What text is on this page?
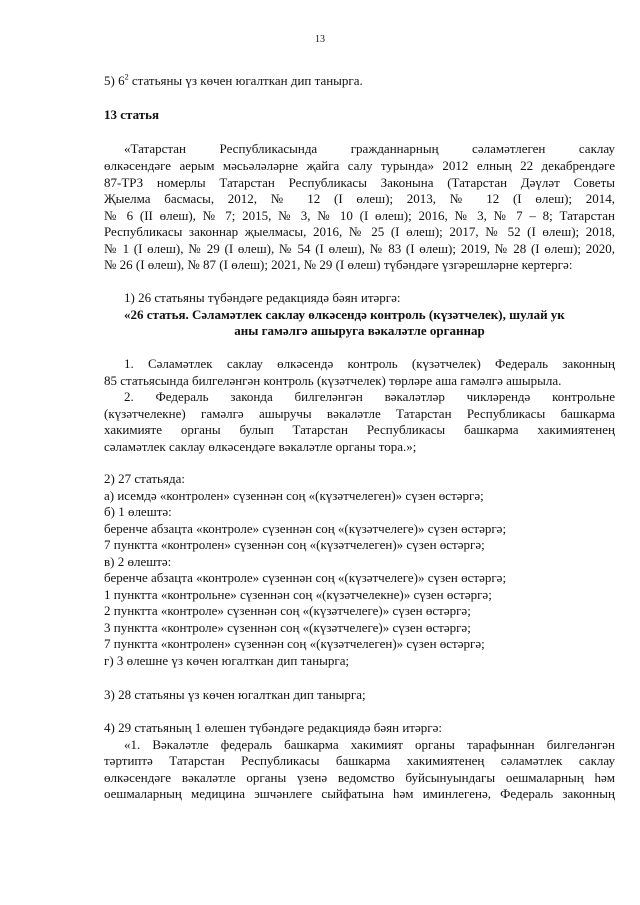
13
5) $6^2$ статьяны үз көчен югалткан дип танырга.
13 статья
«Татарстан Республикасында гражданнарның сәламәтлеген саклау
өлкәсендәге аерым мәсьәләләрне җайга салу турында» 2012 елның 22 декабрендәге
87-ТРЗ номерлы Татарстан Республикасы Законына (Татарстан Дәүләт Советы
Җыелма басмасы, 2012, № 12 (I өлеш); 2013, № 12 (I өлеш); 2014,
№ 6 (II өлеш), № 7; 2015, № 3, № 10 (I өлеш); 2016, № 3, № 7 – 8; Татарстан
Республикасы законнар җыелмасы, 2016, № 25 (I өлеш); 2017, № 52 (I өлеш); 2018,
№ 1 (I өлеш), № 29 (I өлеш), № 54 (I өлеш), № 83 (I өлеш); 2019, № 28 (I өлеш); 2020,
№ 26 (I өлеш), № 87 (I өлеш); 2021, № 29 (I өлеш) түбәндәге үзгәрешләрне кертергә:
1) 26 статьяны түбәндәге редакциядә бәян итәргә:
«26 статья. Сәламәтлек саклау өлкәсендә контроль (күзәтчелек), шулай ук
аны гамәлгә ашыруга вәкаләтле органнар
1. Сәламәтлек саклау өлкәсендә контроль (күзәтчелек) Федераль законның
85 статьясында билгеләнгән контроль (күзәтчелек) төрләре аша гамәлгә ашырыла.
2. Федераль законда билгеләнгән вәкаләтләр чикләрендә контрольне
(күзәтчелекне) гамәлгә ашыручы вәкаләтле Татарстан Республикасы башкарма
хакимияте органы булып Татарстан Республикасы башкарма хакимиятенең
сәламәтлек саклау өлкәсендәге вәкаләтле органы тора.»;
2) 27 статьяда:
а) исемдә «контролен» сүзеннән соң «(күзәтчелеген)» сүзен өстәргә;
б) 1 өлештә:
беренче абзацта «контроле» сүзеннән соң «(күзәтчелеге)» сүзен өстәргә;
7 пунктта «контролен» сүзеннән соң «(күзәтчелеген)» сүзен өстәргә;
в) 2 өлештә:
беренче абзацта «контроле» сүзеннән соң «(күзәтчелеге)» сүзен өстәргә;
1 пунктта «контрольне» сүзеннән соң «(күзәтчелекне)» сүзен өстәргә;
2 пунктта «контроле» сүзеннән соң «(күзәтчелеге)» сүзен өстәргә;
3 пунктта «контроле» сүзеннән соң «(күзәтчелеге)» сүзен өстәргә;
7 пунктта «контролен» сүзеннән соң «(күзәтчелеген)» сүзен өстәргә;
г) 3 өлешне үз көчен югалткан дип танырга;
3) 28 статьяны үз көчен югалткан дип танырга;
4) 29 статьяның 1 өлешен түбәндәге редакциядә бәян итәргә:
«1. Вәкаләтле федераль башкарма хакимият органы тарафыннан билгеләнгән
тәртиптә Татарстан Республикасы башкарма хакимиятенең сәламәтлек саклау
өлкәсендәге вәкаләтле органы үзенә ведомство буйсынуындагы оешмаларның һәм
оешмаларның медицина эшчәнлеге сыйфатына һәм иминлегенә, Федераль законның
